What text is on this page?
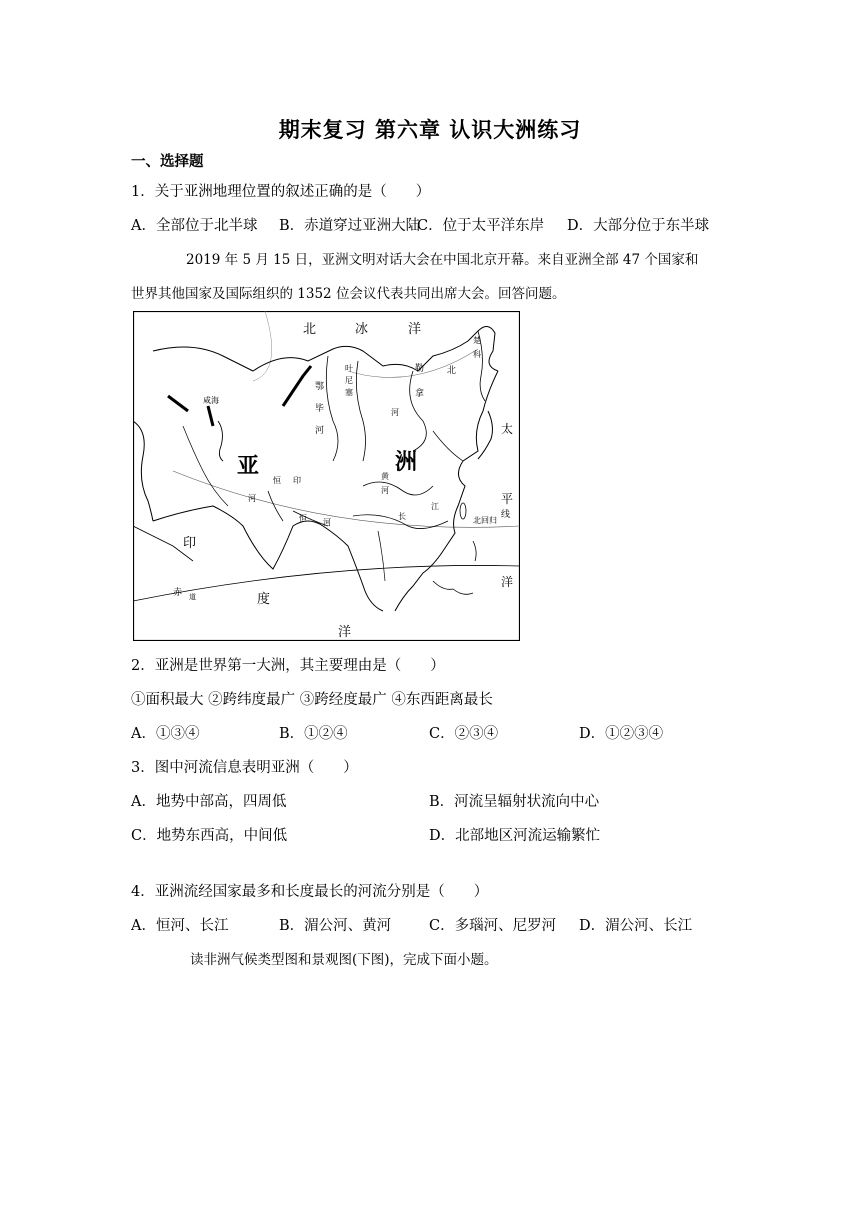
期末复习 第六章 认识大洲练习
一、选择题
1．关于亚洲地理位置的叙述正确的是（　　）
A．全部位于北半球 B．赤道穿过亚洲大陆
C．位于太平洋东岸 D．大部分位于东半球
2019 年 5 月 15 日，亚洲文明对话大会在中国北京开幕。来自亚洲全部 47 个国家和
世界其他国家及国际组织的 1352 位会议代表共同出席大会。回答问题。
北	冰	洋
鄂
毕
河
叶
尼
塞
勒
拿
楚
科
北
河
太
平
洋
线
北回归
亚	洲
恒 印
河
恒 河
黄
河
长
江
印
度
洋
赤 道
咸海
2．亚洲是世界第一大洲，其主要理由是（　　）
①面积最大 ②跨纬度最广 ③跨经度最广 ④东西距离最长
A．①③④	B．①②④	C．②③④	D．①②③④
3．图中河流信息表明亚洲（　　）
A．地势中部高，四周低	B．河流呈辐射状流向中心
C．地势东西高，中间低	D．北部地区河流运输繁忙
4．亚洲流经国家最多和长度最长的河流分别是（　　）
A．恒河、长江	B．湄公河、黄河	C．多瑙河、尼罗河 D．湄公河、长江
读非洲气候类型图和景观图(下图)，完成下面小题。
